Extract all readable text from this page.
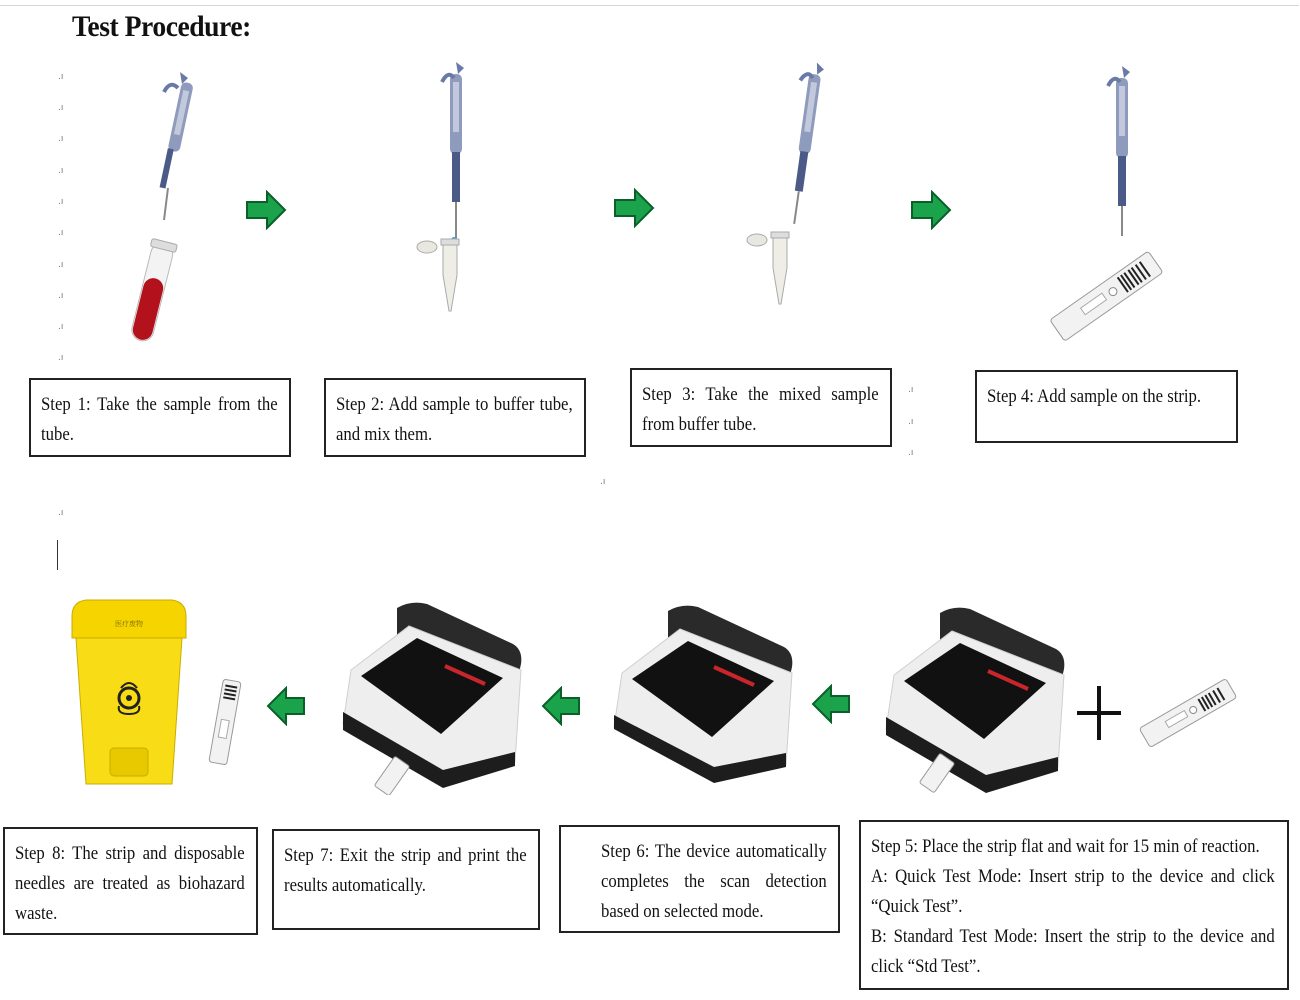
Test Procedure:
.ı
.ı
.ı
.ı
.ı
.ı
.ı
.ı
.ı
.ı
.ı
.ı
.ı
.ı
.ı
Step 1: Take the sample from the tube.
Step 2: Add sample to buffer tube, and mix them.
Step 3: Take the mixed sample from buffer tube.
Step 4: Add sample on the strip.
医疗废物
Step 8: The strip and disposable needles are treated as biohazard waste.
Step 7: Exit the strip and print the results automatically.
Step 6: The device automatically completes the scan detection based on selected mode.
Step 5: Place the strip flat and wait for 15 min of reaction.
A: Quick Test Mode: Insert strip to the device and click “Quick Test”.
B: Standard Test Mode: Insert the strip to the device and click “Std Test”.
